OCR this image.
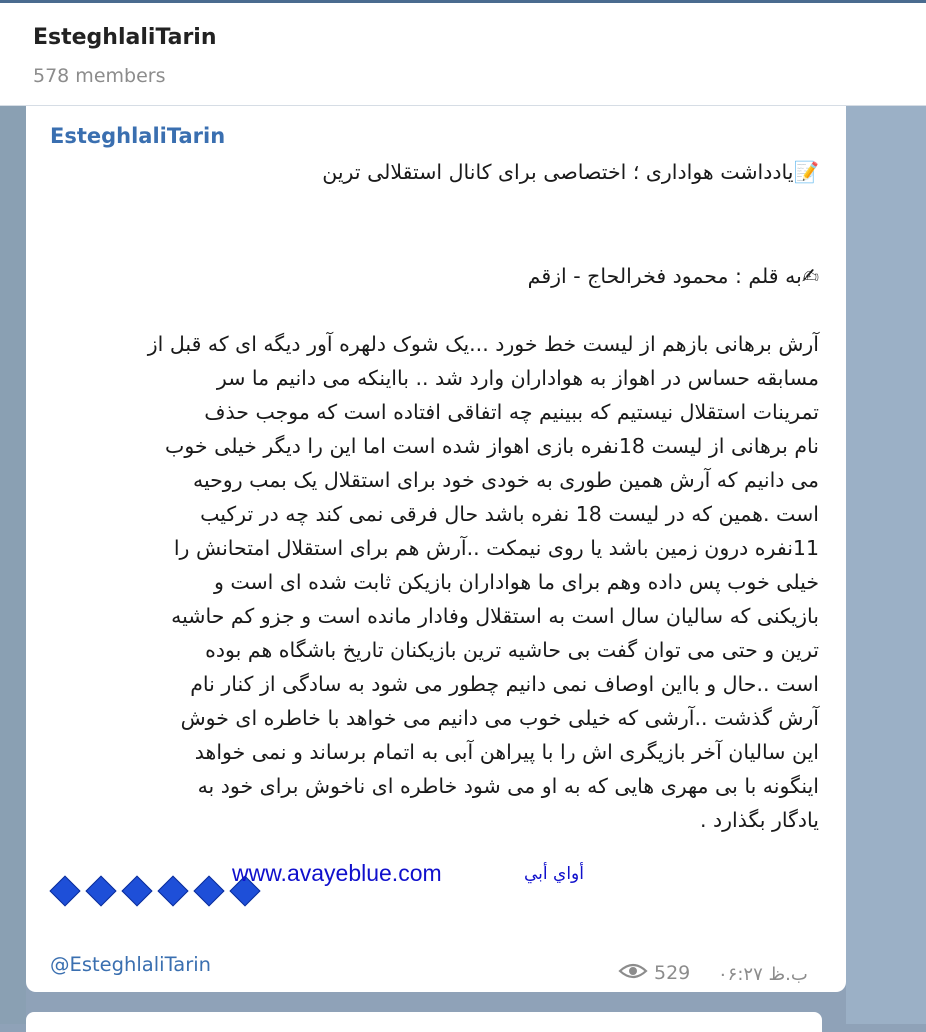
EsteghlaliTarin
578 members
EsteghlaliTarin
📝یادداشت هواداری ؛ اختصاصی برای کانال استقلالی ترین
✍به قلم : محمود فخرالحاج - ازقم
آرش برهانی بازهم از لیست خط خورد ...یک شوک دلهره آور دیگه ای که قبل از
مسابقه حساس در اهواز به هواداران وارد شد .. بااینکه می دانیم ما سر
تمرینات استقلال نیستیم که ببینیم چه اتفاقی افتاده است که موجب حذف
نام برهانی از لیست 18نفره بازی اهواز شده است اما این را دیگر خیلی خوب
می دانیم که آرش همین طوری به خودی خود برای استقلال یک بمب روحیه
است .همین که در لیست 18 نفره باشد حال فرقی نمی کند چه در ترکیب
11نفره درون زمین باشد یا روی نیمکت ..آرش هم برای استقلال امتحانش را
خیلی خوب پس داده وهم برای ما هواداران بازیکن ثابت شده ای است و
بازیکنی که سالیان سال است به استقلال وفادار مانده است و جزو کم حاشیه
ترین و حتی می توان گفت بی حاشیه ترین بازیکنان تاریخ باشگاه هم بوده
است ..حال و بااین اوصاف نمی دانیم چطور می شود به سادگی از کنار نام
آرش گذشت ..آرشی که خیلی خوب می دانیم می خواهد با خاطره ای خوش
این سالیان آخر بازیگری اش را با پیراهن آبی به اتمام برساند و نمی خواهد
اینگونه با بی مهری هایی که به او می شود خاطره ای ناخوش برای خود به
یادگار بگذارد .
@EsteghlaliTarin	529 ب.ظ ۰۶:۲۷
www.avayeblue.com	أواي أبي
